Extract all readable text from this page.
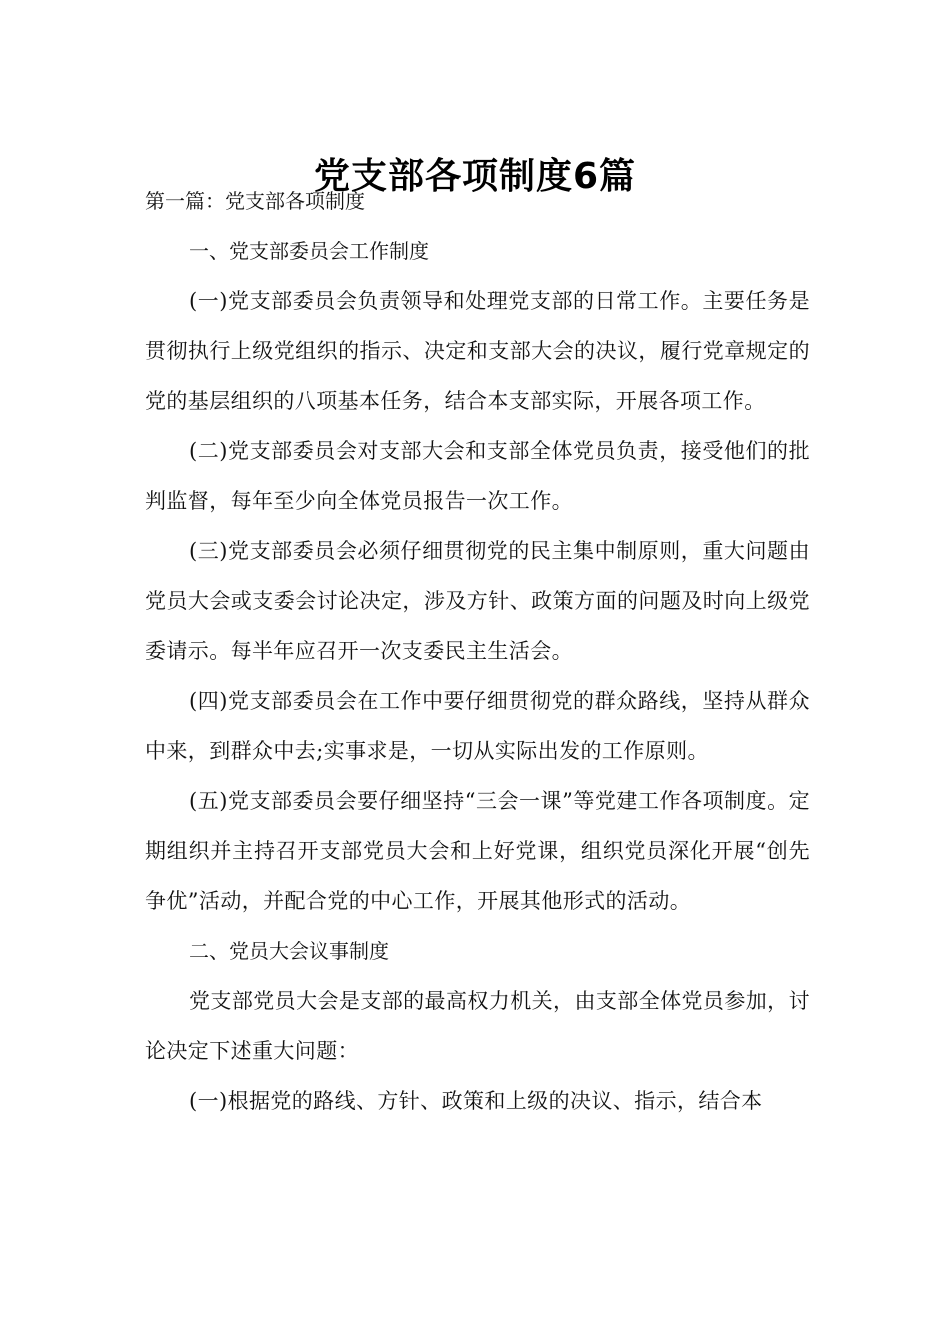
党支部各项制度6篇

第一篇：党支部各项制度

一、党支部委员会工作制度

(一)党支部委员会负责领导和处理党支部的日常工作。主要任务是贯彻执行上级党组织的指示、决定和支部大会的决议，履行党章规定的党的基层组织的八项基本任务，结合本支部实际，开展各项工作。

(二)党支部委员会对支部大会和支部全体党员负责，接受他们的批判监督，每年至少向全体党员报告一次工作。

(三)党支部委员会必须仔细贯彻党的民主集中制原则，重大问题由党员大会或支委会讨论决定，涉及方针、政策方面的问题及时向上级党委请示。每半年应召开一次支委民主生活会。

(四)党支部委员会在工作中要仔细贯彻党的群众路线，坚持从群众中来，到群众中去;实事求是，一切从实际出发的工作原则。

(五)党支部委员会要仔细坚持“三会一课”等党建工作各项制度。定期组织并主持召开支部党员大会和上好党课，组织党员深化开展“创先争优”活动，并配合党的中心工作，开展其他形式的活动。

二、党员大会议事制度

党支部党员大会是支部的最高权力机关，由支部全体党员参加，讨论决定下述重大问题：

(一)根据党的路线、方针、政策和上级的决议、指示，结合本
